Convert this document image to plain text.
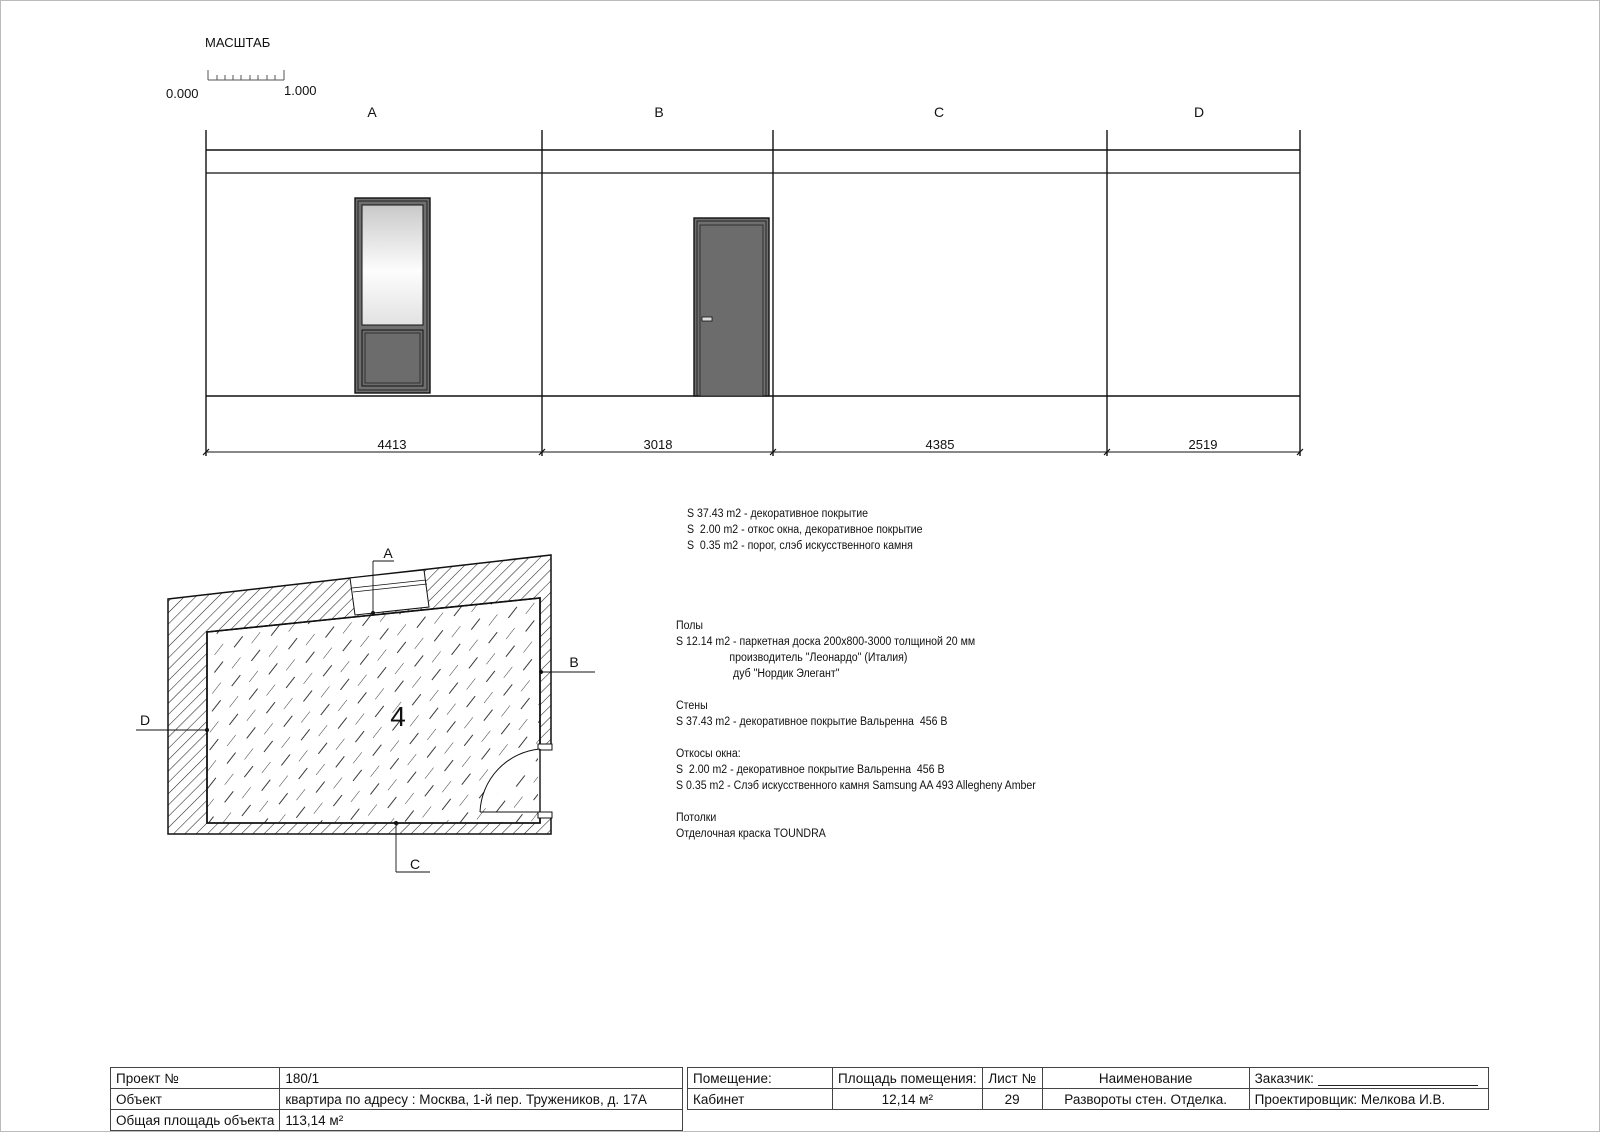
МАСШТАБ
0.000	1.000
A	B	C	D
4413	3018	4385	2519
4
A
B
C
D
S 37.43 m2 - декоративное покрытие
S  2.00 m2 - откос окна, декоративное покрытие
S  0.35 m2 - порог, слэб искусственного камня
Полы
S 12.14 m2 - паркетная доска 200x800-3000 толщиной 20 мм
производитель "Леонардо" (Италия)
дуб "Нордик Элегант"
Стены
S 37.43 m2 - декоративное покрытие Вальренна  456 B
Откосы окна:
S  2.00 m2 - декоративное покрытие Вальренна  456 B
S 0.35 m2 - Слэб искусственного камня Samsung AA 493 Allegheny Amber
Потолки
Отделочная краска TOUNDRA
Проект №	180/1
Объект	квартира по адресу : Москва, 1-й пер. Тружеников, д. 17А
Общая площадь объекта	113,14 м²
Помещение:	Площадь помещения:	Лист №	Наименование	Заказчик:
Кабинет	12,14 м²	29	Развороты стен. Отделка.	Проектировщик: Мелкова И.В.
